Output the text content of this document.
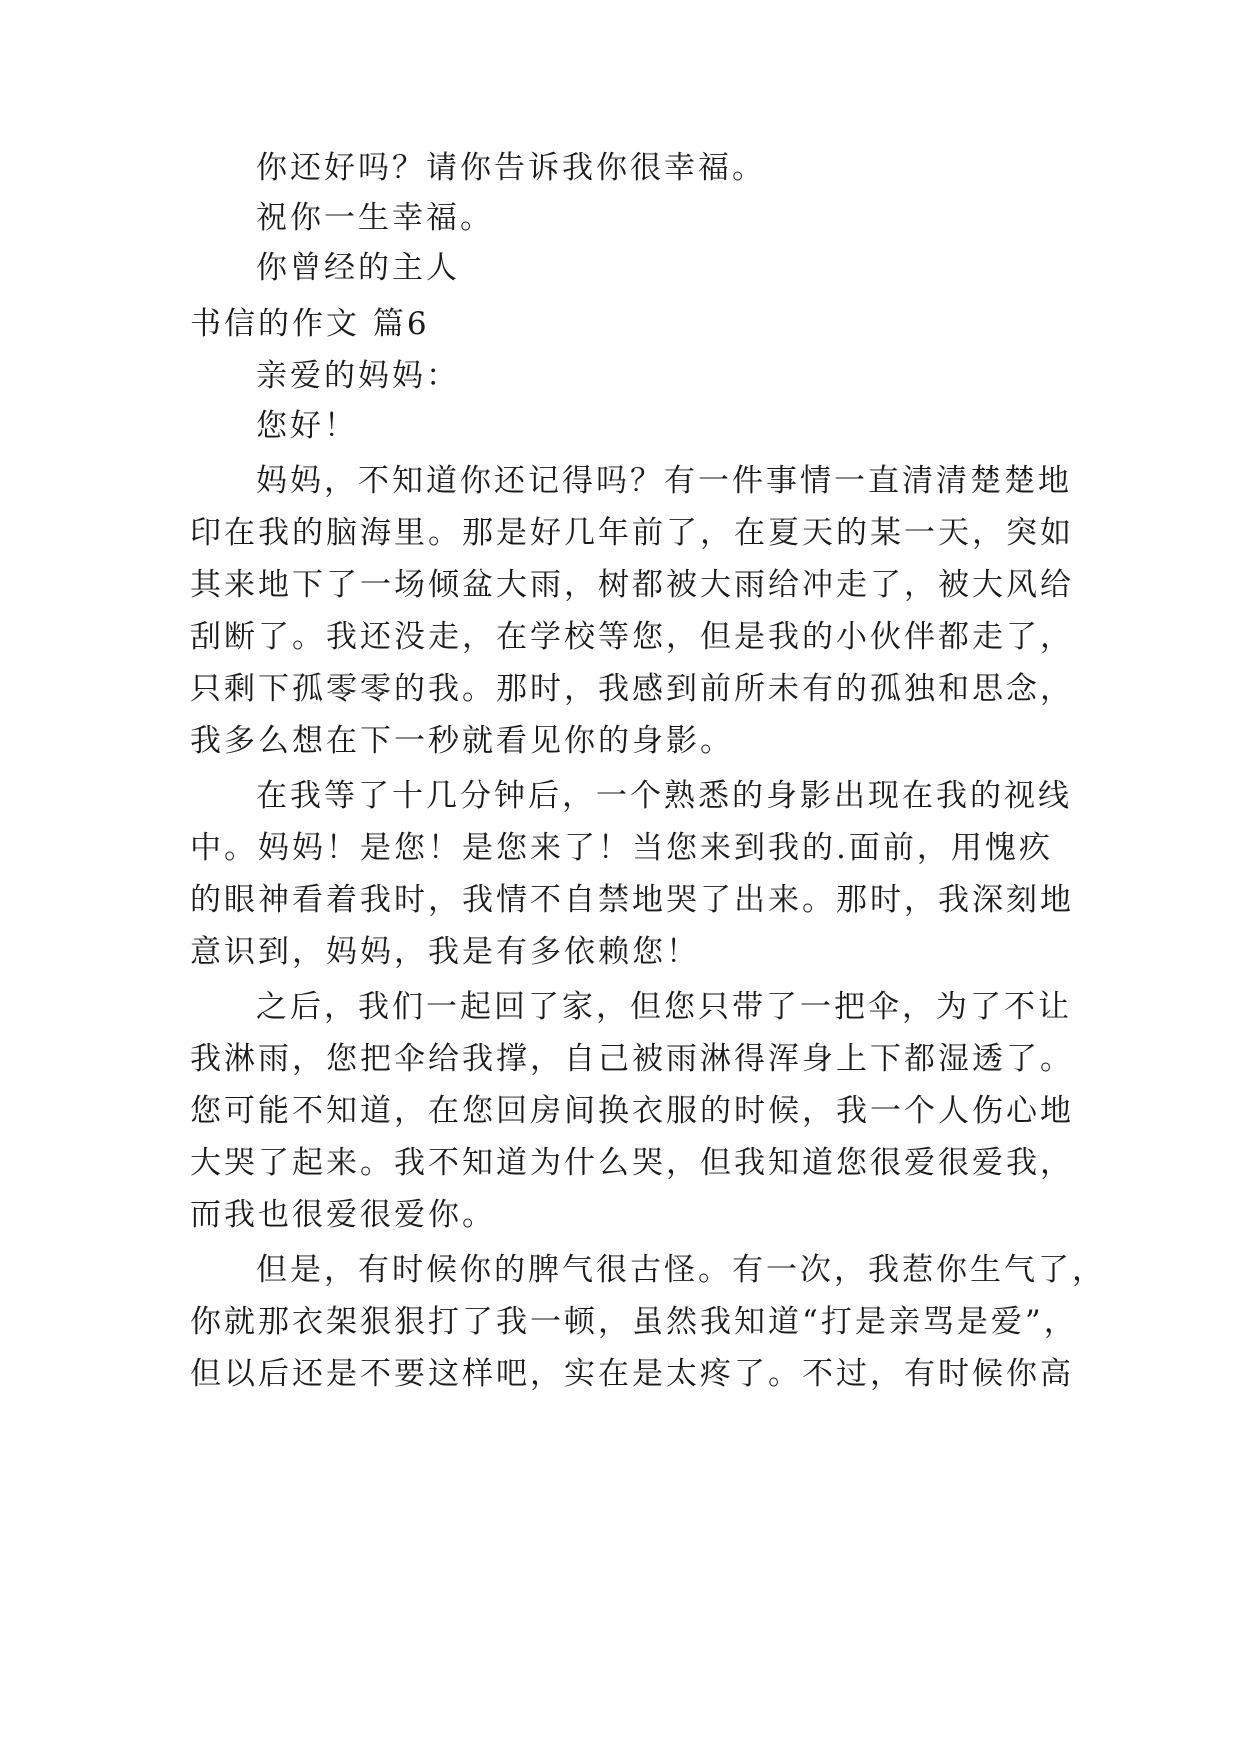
你还好吗？请你告诉我你很幸福。
祝你一生幸福。
你曾经的主人
书信的作文 篇6
亲爱的妈妈：
您好！
妈妈，不知道你还记得吗？有一件事情一直清清楚楚地
印在我的脑海里。那是好几年前了，在夏天的某一天，突如
其来地下了一场倾盆大雨，树都被大雨给冲走了，被大风给
刮断了。我还没走，在学校等您，但是我的小伙伴都走了，
只剩下孤零零的我。那时，我感到前所未有的孤独和思念，
我多么想在下一秒就看见你的身影。
在我等了十几分钟后，一个熟悉的身影出现在我的视线
中。妈妈！是您！是您来了！当您来到我的.面前，用愧疚
的眼神看着我时，我情不自禁地哭了出来。那时，我深刻地
意识到，妈妈，我是有多依赖您！
之后，我们一起回了家，但您只带了一把伞，为了不让
我淋雨，您把伞给我撑，自己被雨淋得浑身上下都湿透了。
您可能不知道，在您回房间换衣服的时候，我一个人伤心地
大哭了起来。我不知道为什么哭，但我知道您很爱很爱我，
而我也很爱很爱你。
但是，有时候你的脾气很古怪。有一次，我惹你生气了，
你就那衣架狠狠打了我一顿，虽然我知道“打是亲骂是爱”，
但以后还是不要这样吧，实在是太疼了。不过，有时候你高
